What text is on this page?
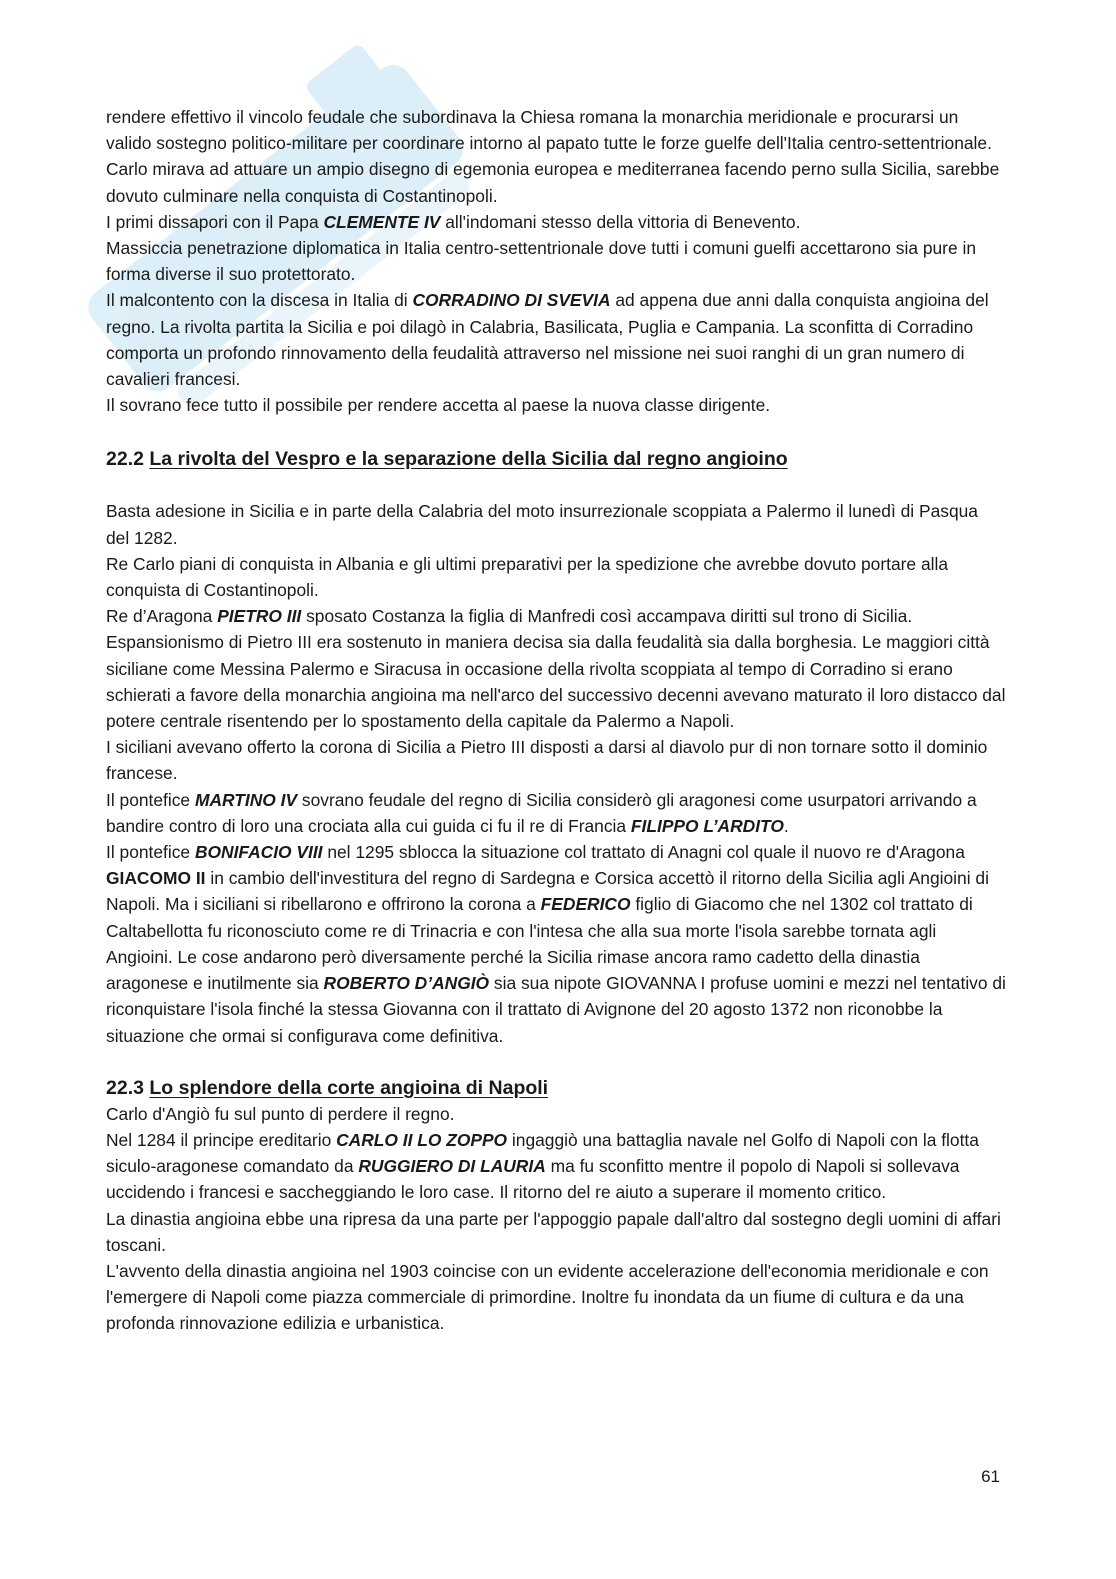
rendere effettivo il vincolo feudale che subordinava la Chiesa romana la monarchia meridionale e procurarsi un valido sostegno politico-militare per coordinare intorno al papato tutte le forze guelfe dell'Italia centro-settentrionale.

Carlo mirava ad attuare un ampio disegno di egemonia europea e mediterranea facendo perno sulla Sicilia, sarebbe dovuto culminare nella conquista di Costantinopoli.

I primi dissapori con il Papa CLEMENTE IV all'indomani stesso della vittoria di Benevento.

Massiccia penetrazione diplomatica in Italia centro-settentrionale dove tutti i comuni guelfi accettarono sia pure in forma diverse il suo protettorato.

Il malcontento con la discesa in Italia di CORRADINO DI SVEVIA ad appena due anni dalla conquista angioina del regno. La rivolta partita la Sicilia e poi dilagò in Calabria, Basilicata, Puglia e Campania. La sconfitta di Corradino comporta un profondo rinnovamento della feudalità attraverso nel missione nei suoi ranghi di un gran numero di cavalieri francesi.

Il sovrano fece tutto il possibile per rendere accetta al paese la nuova classe dirigente.

22.2 La rivolta del Vespro e la separazione della Sicilia dal regno angioino

Basta adesione in Sicilia e in parte della Calabria del moto insurrezionale scoppiata a Palermo il lunedì di Pasqua del 1282.

Re Carlo piani di conquista in Albania e gli ultimi preparativi per la spedizione che avrebbe dovuto portare alla conquista di Costantinopoli.

Re d’Aragona PIETRO III sposato Costanza la figlia di Manfredi così accampava diritti sul trono di Sicilia.

Espansionismo di Pietro III era sostenuto in maniera decisa sia dalla feudalità sia dalla borghesia. Le maggiori città siciliane come Messina Palermo e Siracusa in occasione della rivolta scoppiata al tempo di Corradino si erano schierati a favore della monarchia angioina ma nell'arco del successivo decenni avevano maturato il loro distacco dal potere centrale risentendo per lo spostamento della capitale da Palermo a Napoli.

I siciliani avevano offerto la corona di Sicilia a Pietro III disposti a darsi al diavolo pur di non tornare sotto il dominio francese.

Il pontefice MARTINO IV sovrano feudale del regno di Sicilia considerò gli aragonesi come usurpatori arrivando a bandire contro di loro una crociata alla cui guida ci fu il re di Francia FILIPPO L’ARDITO.

Il pontefice BONIFACIO VIII nel 1295 sblocca la situazione col trattato di Anagni col quale il nuovo re d'Aragona GIACOMO II in cambio dell'investitura del regno di Sardegna e Corsica accettò il ritorno della Sicilia agli Angioini di Napoli. Ma i siciliani si ribellarono e offrirono la corona a FEDERICO figlio di Giacomo che nel 1302 col trattato di Caltabellotta fu riconosciuto come re di Trinacria e con l'intesa che alla sua morte l'isola sarebbe tornata agli Angioini. Le cose andarono però diversamente perché la Sicilia rimase ancora ramo cadetto della dinastia aragonese e inutilmente sia ROBERTO D’ANGIÒ sia sua nipote GIOVANNA I profuse uomini e mezzi nel tentativo di riconquistare l'isola finché la stessa Giovanna con il trattato di Avignone del 20 agosto 1372 non riconobbe la situazione che ormai si configurava come definitiva.

22.3 Lo splendore della corte angioina di Napoli

Carlo d'Angiò fu sul punto di perdere il regno.

Nel 1284 il principe ereditario CARLO II LO ZOPPO ingaggiò una battaglia navale nel Golfo di Napoli con la flotta siculo-aragonese comandato da RUGGIERO DI LAURIA ma fu sconfitto mentre il popolo di Napoli si sollevava uccidendo i francesi e saccheggiando le loro case. Il ritorno del re aiuto a superare il momento critico.

La dinastia angioina ebbe una ripresa da una parte per l'appoggio papale dall'altro dal sostegno degli uomini di affari toscani.

L'avvento della dinastia angioina nel 1903 coincise con un evidente accelerazione dell'economia meridionale e con l'emergere di Napoli come piazza commerciale di primordine. Inoltre fu inondata da un fiume di cultura e da una profonda rinnovazione edilizia e urbanistica.

61
